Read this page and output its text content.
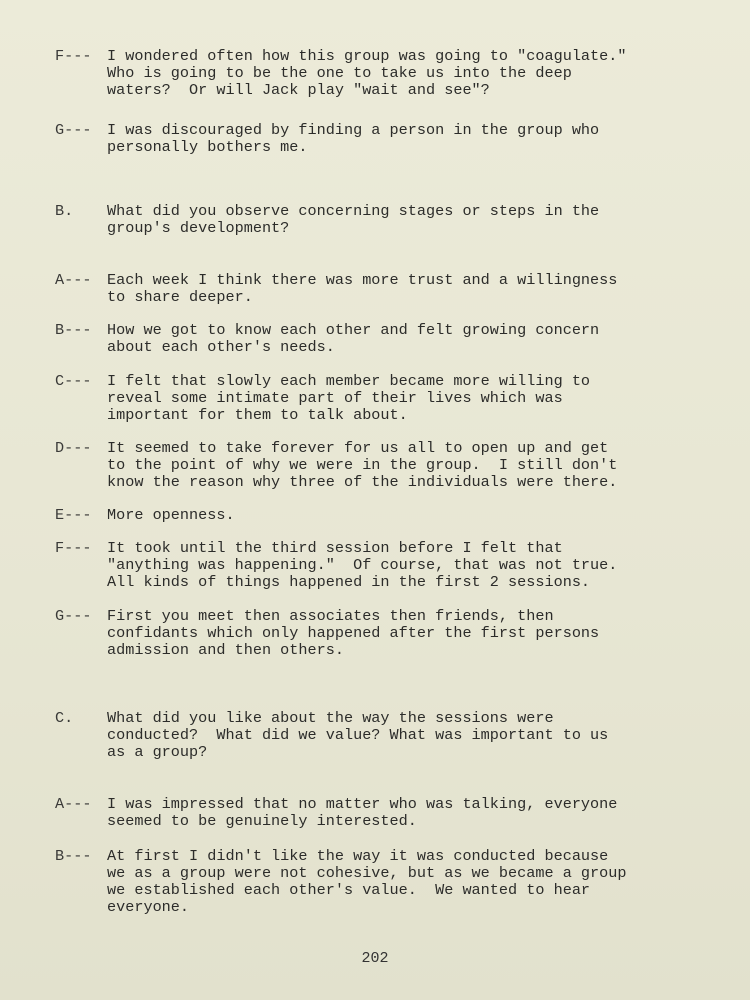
F---	I wondered often how this group was going to "coagulate."
Who is going to be the one to take us into the deep
waters?  Or will Jack play "wait and see"?
G---	I was discouraged by finding a person in the group who
personally bothers me.
B.	What did you observe concerning stages or steps in the
group's development?
A---	Each week I think there was more trust and a willingness
to share deeper.
B---	How we got to know each other and felt growing concern
about each other's needs.
C---	I felt that slowly each member became more willing to
reveal some intimate part of their lives which was
important for them to talk about.
D---	It seemed to take forever for us all to open up and get
to the point of why we were in the group.  I still don't
know the reason why three of the individuals were there.
E---	More openness.
F---	It took until the third session before I felt that
"anything was happening."  Of course, that was not true.
All kinds of things happened in the first 2 sessions.
G---	First you meet then associates then friends, then
confidants which only happened after the first persons
admission and then others.
C.	What did you like about the way the sessions were
conducted?  What did we value? What was important to us
as a group?
A---	I was impressed that no matter who was talking, everyone
seemed to be genuinely interested.
B---	At first I didn't like the way it was conducted because
we as a group were not cohesive, but as we became a group
we established each other's value.  We wanted to hear
everyone.
202
